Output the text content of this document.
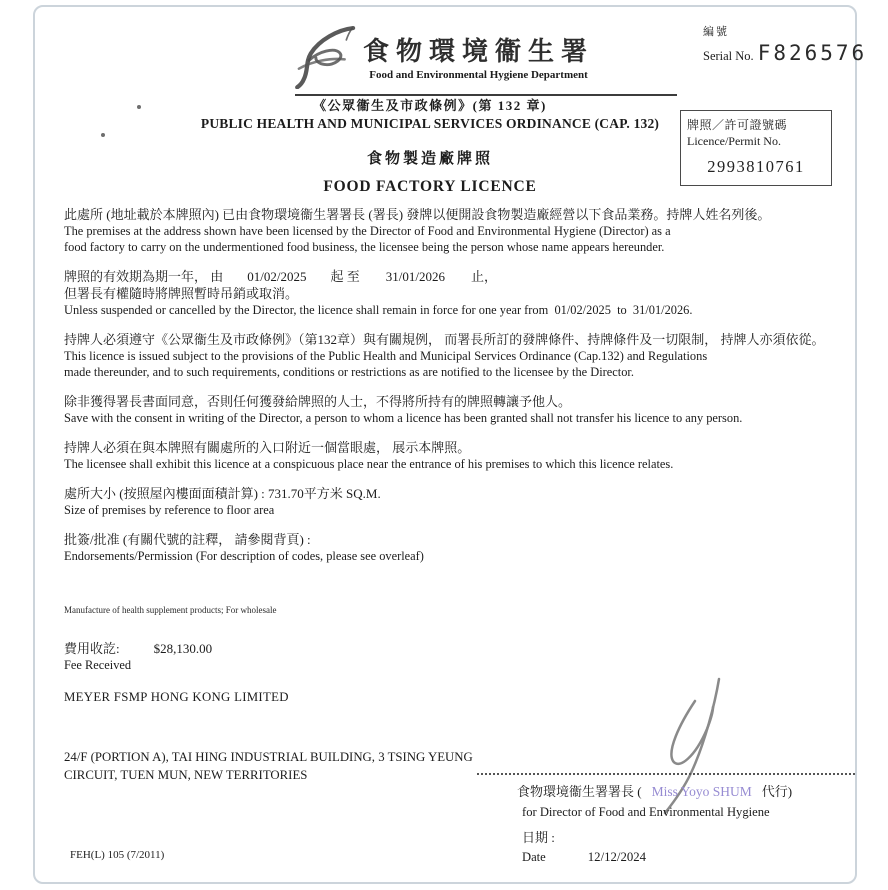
食物環境衞生署
Food and Environmental Hygiene Department
編號
Serial No. F826576
《公眾衞生及市政條例》(第 132 章)
PUBLIC HEALTH AND MUNICIPAL SERVICES ORDINANCE (CAP. 132)
食物製造廠牌照
FOOD FACTORY LICENCE
牌照／許可證號碼
Licence/Permit No.
2993810761
此處所 (地址載於本牌照內) 已由食物環境衞生署署長 (署長) 發牌以便開設食物製造廠經營以下食品業務。持牌人姓名列後。
The premises at the address shown have been licensed by the Director of Food and Environmental Hygiene (Director) as a
food factory to carry on the undermentioned food business, the licensee being the person whose name appears hereunder.
牌照的有效期為期一年， 由 01/02/2025 起 至 31/01/2026 止，
但署長有權隨時將牌照暫時吊銷或取消。
Unless suspended or cancelled by the Director, the licence shall remain in force for one year from  01/02/2025  to  31/01/2026.
持牌人必須遵守《公眾衞生及市政條例》（第132章）與有關規例， 而署長所訂的發牌條件、持牌條件及一切限制， 持牌人亦須依從。
This licence is issued subject to the provisions of the Public Health and Municipal Services Ordinance (Cap.132) and Regulations
made thereunder, and to such requirements, conditions or restrictions as are notified to the licensee by the Director.
除非獲得署長書面同意，否則任何獲發給牌照的人士，不得將所持有的牌照轉讓予他人。
Save with the consent in writing of the Director, a person to whom a licence has been granted shall not transfer his licence to any person.
持牌人必須在與本牌照有關處所的入口附近一個當眼處， 展示本牌照。
The licensee shall exhibit this licence at a conspicuous place near the entrance of his premises to which this licence relates.
處所大小 (按照屋內樓面面積計算) : 731.70平方米 SQ.M.
Size of premises by reference to floor area
批簽/批准 (有關代號的註釋， 請參閱背頁) :
Endorsements/Permission (For description of codes, please see overleaf)
Manufacture of health supplement products; For wholesale
費用收訖:	$28,130.00
Fee Received
MEYER FSMP HONG KONG LIMITED
24/F (PORTION A), TAI HING INDUSTRIAL BUILDING, 3 TSING YEUNG
CIRCUIT, TUEN MUN, NEW TERRITORIES
食物環境衞生署署長 ( Miss Yoyo SHUM 代行)
for Director of Food and Environmental Hygiene
日期 :
Date	12/12/2024
FEH(L) 105 (7/2011)
